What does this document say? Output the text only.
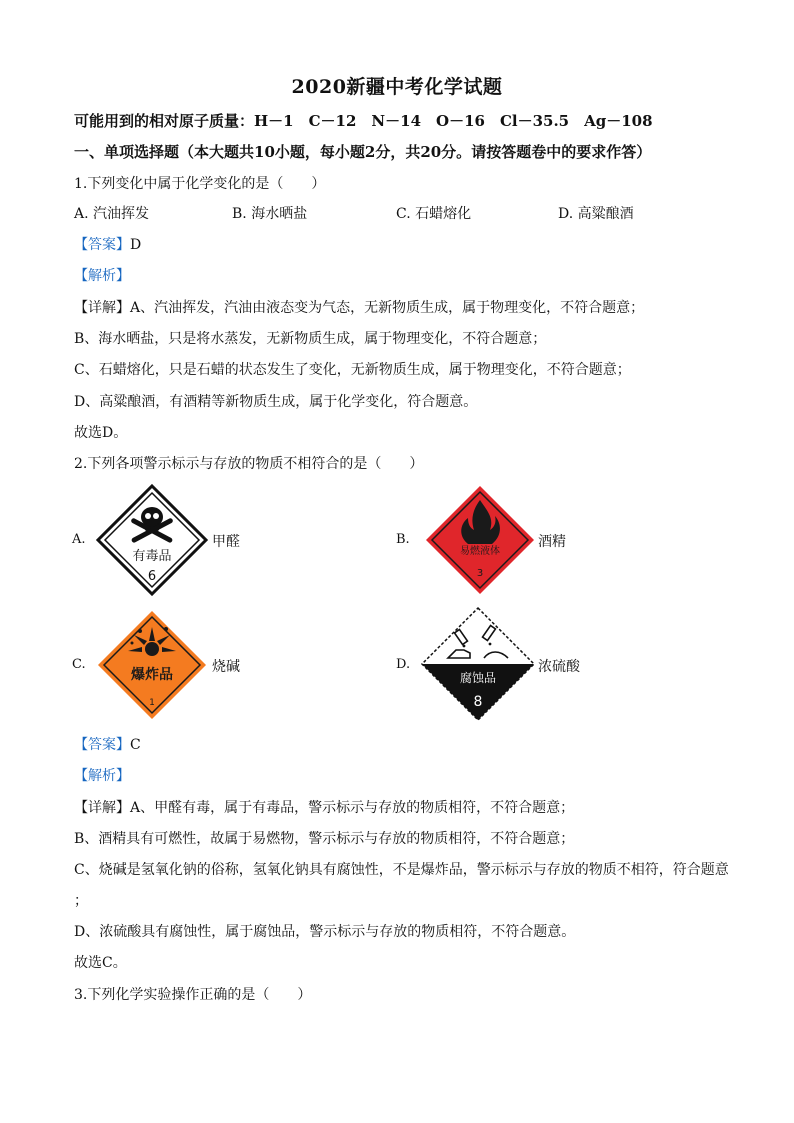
2020新疆中考化学试题
可能用到的相对原子质量：H－1　C－12　N－14　O－16　Cl－35.5　Ag－108
一、单项选择题（本大题共10小题，每小题2分，共20分。请按答题卷中的要求作答）
1.下列变化中属于化学变化的是（　　）
A. 汽油挥发	B. 海水晒盐	C. 石蜡熔化	D. 高粱酿酒
【答案】D
【解析】
【详解】A、汽油挥发，汽油由液态变为气态，无新物质生成，属于物理变化，不符合题意；
B、海水晒盐，只是将水蒸发，无新物质生成，属于物理变化，不符合题意；
C、石蜡熔化，只是石蜡的状态发生了变化，无新物质生成，属于物理变化，不符合题意；
D、高粱酿酒，有酒精等新物质生成，属于化学变化，符合题意。
故选D。
2.下列各项警示标示与存放的物质不相符合的是（　　）
A.
有毒品
6
甲醛	B.
易燃液体
3
酒精
C.
爆炸品
1
烧碱	D.
腐蚀品
8
浓硫酸
【答案】C
【解析】
【详解】A、甲醛有毒，属于有毒品，警示标示与存放的物质相符，不符合题意；
B、酒精具有可燃性，故属于易燃物，警示标示与存放的物质相符，不符合题意；
C、烧碱是氢氧化钠的俗称，氢氧化钠具有腐蚀性，不是爆炸品，警示标示与存放的物质不相符，符合题意
；
D、浓硫酸具有腐蚀性，属于腐蚀品，警示标示与存放的物质相符，不符合题意。
故选C。
3.下列化学实验操作正确的是（　　）
